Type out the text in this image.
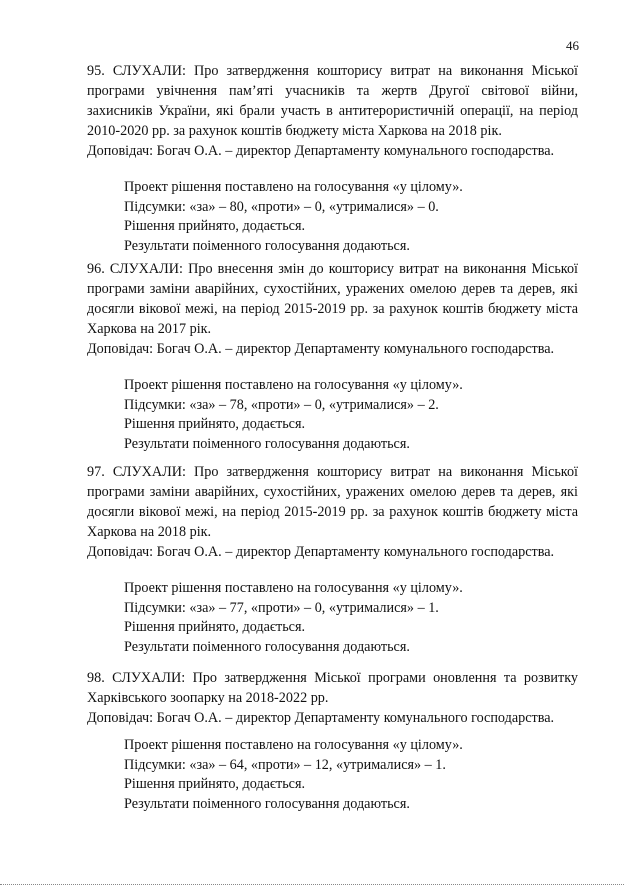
46
95. СЛУХАЛИ: Про затвердження кошторису витрат на виконання Міської програми увічнення пам’яті учасників та жертв Другої світової війни, захисників України, які брали участь в антитерористичній операції, на період 2010-2020 рр. за рахунок коштів бюджету міста Харкова на 2018 рік.
Доповідач: Богач О.А. – директор Департаменту комунального господарства.
Проект рішення поставлено на голосування «у цілому».
Підсумки: «за» – 80, «проти» – 0, «утрималися» – 0.
Рішення прийнято, додається.
Результати поіменного голосування додаються.
96. СЛУХАЛИ: Про внесення змін до кошторису витрат на виконання Міської програми заміни аварійних, сухостійних, уражених омелою дерев та дерев, які досягли вікової межі, на період 2015-2019 рр. за рахунок коштів бюджету міста Харкова на 2017 рік.
Доповідач: Богач О.А. – директор Департаменту комунального господарства.
Проект рішення поставлено на голосування «у цілому».
Підсумки: «за» – 78, «проти» – 0, «утрималися» – 2.
Рішення прийнято, додається.
Результати поіменного голосування додаються.
97. СЛУХАЛИ: Про затвердження кошторису витрат на виконання Міської програми заміни аварійних, сухостійних, уражених омелою дерев та дерев, які досягли вікової межі, на період 2015-2019 рр. за рахунок коштів бюджету міста Харкова на 2018 рік.
Доповідач: Богач О.А. – директор Департаменту комунального господарства.
Проект рішення поставлено на голосування «у цілому».
Підсумки: «за» – 77, «проти» – 0, «утрималися» – 1.
Рішення прийнято, додається.
Результати поіменного голосування додаються.
98. СЛУХАЛИ: Про затвердження Міської програми оновлення та розвитку Харківського зоопарку на 2018-2022 рр.
Доповідач: Богач О.А. – директор Департаменту комунального господарства.
Проект рішення поставлено на голосування «у цілому».
Підсумки: «за» – 64, «проти» – 12, «утрималися» – 1.
Рішення прийнято, додається.
Результати поіменного голосування додаються.
